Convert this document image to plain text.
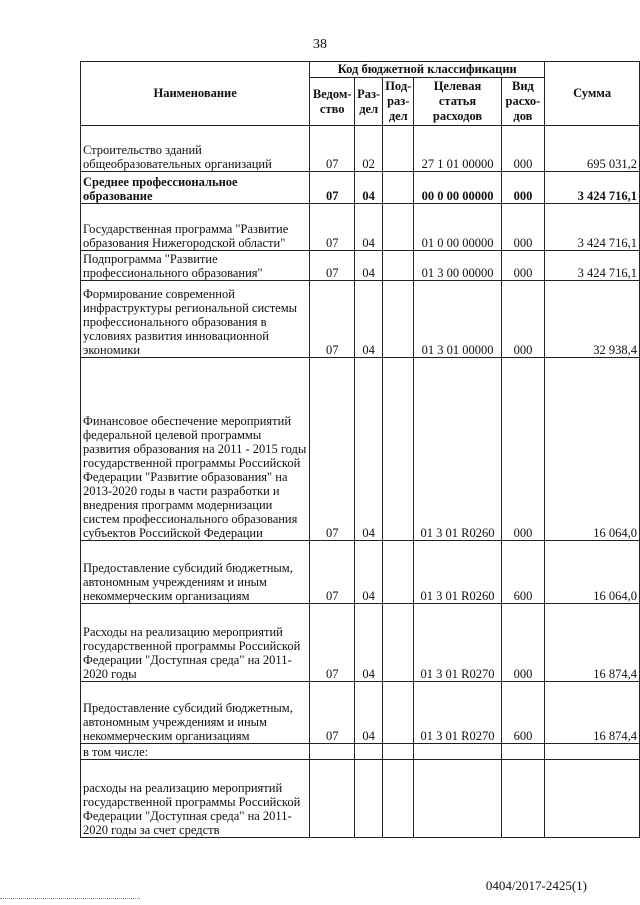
38
Наименование	Код бюджетной классификации					Сумма
	Ведом-ство	Раз-дел	Под-раз-дел	Целевая статья расходов	Вид расхо-дов	
Строительство зданий общеобразовательных организаций	07	02		27 1 01 00000	000	695 031,2
Среднее профессиональное образование	07	04		00 0 00 00000	000	3 424 716,1
Государственная программа "Развитие образования Нижегородской области"	07	04		01 0 00 00000	000	3 424 716,1
Подпрограмма "Развитие профессионального образования"	07	04		01 3 00 00000	000	3 424 716,1
Формирование современной инфраструктуры региональной системы профессионального образования в условиях развития инновационной экономики	07	04		01 3 01 00000	000	32 938,4
Финансовое обеспечение мероприятий федеральной целевой программы развития образования на 2011 - 2015 годы государственной программы Российской Федерации "Развитие образования" на 2013-2020 годы в части разработки и внедрения программ модернизации систем профессионального образования субъектов Российской Федерации	07	04		01 3 01 R0260	000	16 064,0
Предоставление субсидий бюджетным, автономным учреждениям и иным некоммерческим организациям	07	04		01 3 01 R0260	600	16 064,0
Расходы на реализацию мероприятий государственной программы Российской Федерации "Доступная среда" на 2011-2020 годы	07	04		01 3 01 R0270	000	16 874,4
Предоставление субсидий бюджетным, автономным учреждениям и иным некоммерческим организациям	07	04		01 3 01 R0270	600	16 874,4
в том числе:						
расходы на реализацию мероприятий государственной программы Российской Федерации "Доступная среда" на 2011-2020 годы за счет средств						
0404/2017-2425(1)
